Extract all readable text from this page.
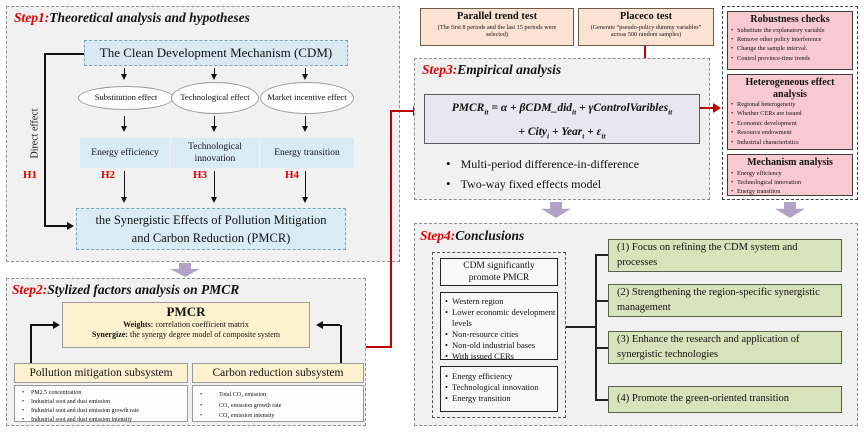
Step1:Theoretical analysis and hypotheses
The Clean Development Mechanism (CDM)
Direct effect
Substitution effect	Technological effect	Market incentive effect
Energy efficiency
Technological innovation
Energy transition
H1	H2	H3	H4
the Synergistic Effects of Pollution Mitigation and Carbon Reduction (PMCR)
Step2:Stylized factors analysis on PMCR
PMCR
Weights: correlation coefficient matrix
Synergize: the synergy degree model of composite system
Pollution mitigation subsystem	Carbon reduction subsystem
• PM2.5 concentration
• Industrial soot and dust emission
• Industrial soot and dust emission growth rate
• Industrial soot and dust emission intensity
• Total CO₂ emission
• CO₂ emission growth rate
• CO₂ emission intensity
Parallel trend test
(The first 8 periods and the last 15 periods were selected)
Placeco test
(Generate “pseudo-policy dummy variables” across 500 random samples)
Step3:Empirical analysis
$PMCR_{it} = \alpha$ + βCDM_did$_{it}$ + γControlVaribles$_{it}$
+ City$_i$ + Year$_t$ + $\varepsilon_{it}$
• Multi-period difference-in-difference
• Two-way fixed effects model
Robustness checks
• Substitute the explanatory variable
• Remove other policy interference
• Change the sample interval.
• Control province-time trends
Heterogeneous effect analysis
• Regional heterogeneity
• Whether CERs are issued
• Economic development
• Resource endowment
• Industrial characteristics
Mechanism analysis
• Energy efficiency
• Technological innovation
• Energy transition
Step4:Conclusions
CDM significantly promote PMCR
• Western region
• Lower economic development levels
• Non-resource cities
• Non-old industrial bases
• With issued CERs
• Energy efficiency
• Technological innovation
• Energy transition
(1) Focus on refining the CDM system and processes
(2) Strengthening the region-specific synergistic management
(3) Enhance the research and application of synergistic technologies
(4) Promote the green-oriented transition
